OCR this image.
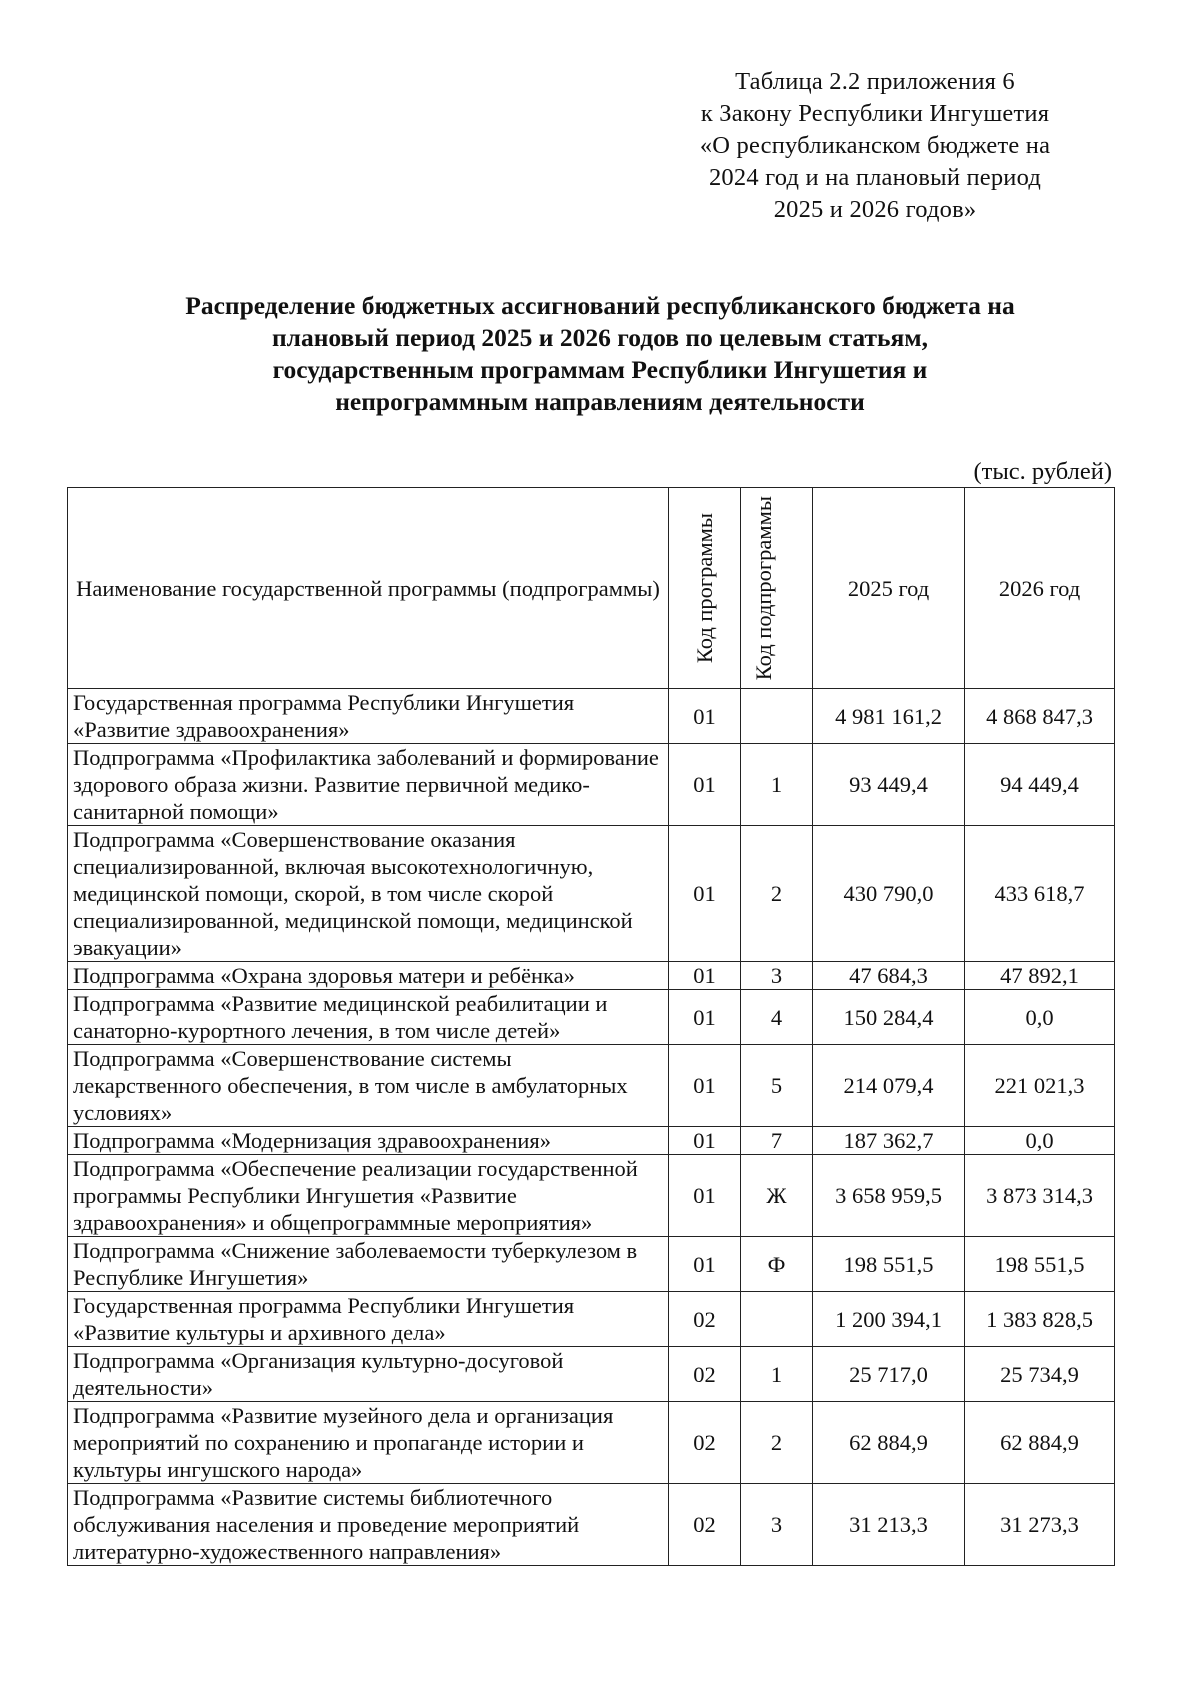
Таблица 2.2 приложения 6
к Закону Республики Ингушетия
«О республиканском бюджете на
2024 год и на плановый период
2025 и 2026 годов»
Распределение бюджетных ассигнований республиканского бюджета на
плановый период 2025 и 2026 годов по целевым статьям,
государственным программам Республики Ингушетия и
непрограммным направлениям деятельности
(тыс. рублей)
Наименование государственной программы (подпрограммы)	Код программы	Код подпрограммы	2025 год	2026 год
Государственная программа Республики Ингушетия «Развитие здравоохранения»	01		4 981 161,2	4 868 847,3
Подпрограмма «Профилактика заболеваний и формирование здорового образа жизни. Развитие первичной медико-санитарной помощи»	01	1	93 449,4	94 449,4
Подпрограмма «Совершенствование оказания специализированной, включая высокотехнологичную, медицинской помощи, скорой, в том числе скорой специализированной, медицинской помощи, медицинской эвакуации»	01	2	430 790,0	433 618,7
Подпрограмма «Охрана здоровья матери и ребёнка»	01	3	47 684,3	47 892,1
Подпрограмма «Развитие медицинской реабилитации и санаторно-курортного лечения, в том числе детей»	01	4	150 284,4	0,0
Подпрограмма «Совершенствование системы лекарственного обеспечения, в том числе в амбулаторных условиях»	01	5	214 079,4	221 021,3
Подпрограмма «Модернизация здравоохранения»	01	7	187 362,7	0,0
Подпрограмма «Обеспечение реализации государственной программы Республики Ингушетия «Развитие здравоохранения» и общепрограммные мероприятия»	01	Ж	3 658 959,5	3 873 314,3
Подпрограмма «Снижение заболеваемости туберкулезом в Республике Ингушетия»	01	Ф	198 551,5	198 551,5
Государственная программа Республики Ингушетия «Развитие культуры и архивного дела»	02		1 200 394,1	1 383 828,5
Подпрограмма «Организация культурно-досуговой деятельности»	02	1	25 717,0	25 734,9
Подпрограмма «Развитие музейного дела и организация мероприятий по сохранению и пропаганде истории и культуры ингушского народа»	02	2	62 884,9	62 884,9
Подпрограмма «Развитие системы библиотечного обслуживания населения и проведение мероприятий литературно-художественного направления»	02	3	31 213,3	31 273,3
